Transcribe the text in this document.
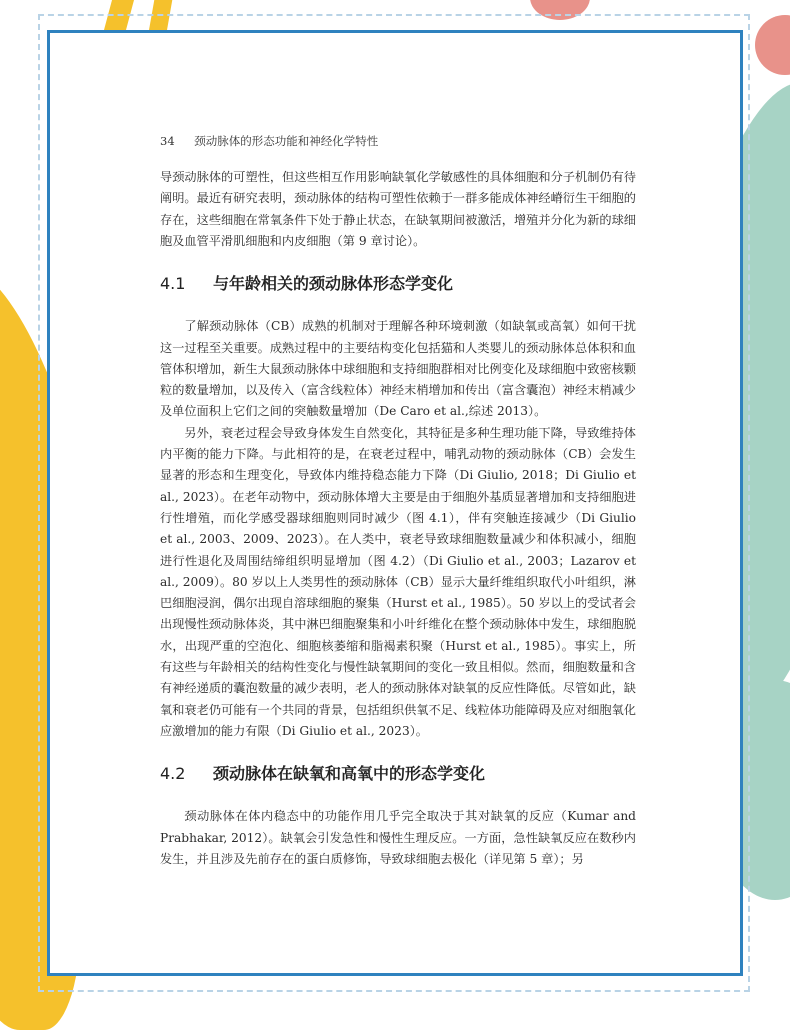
34 颈动脉体的形态功能和神经化学特性

导颈动脉体的可塑性，但这些相互作用影响缺氧化学敏感性的具体细胞和分子机制仍有待阐明。最近有研究表明，颈动脉体的结构可塑性依赖于一群多能成体神经嵴衍生干细胞的存在，这些细胞在常氧条件下处于静止状态，在缺氧期间被激活，增殖并分化为新的球细胞及血管平滑肌细胞和内皮细胞（第 9 章讨论）。

4.1 与年龄相关的颈动脉体形态学变化

了解颈动脉体（CB）成熟的机制对于理解各种环境刺激（如缺氧或高氧）如何干扰这一过程至关重要。成熟过程中的主要结构变化包括猫和人类婴儿的颈动脉体总体积和血管体积增加，新生大鼠颈动脉体中球细胞和支持细胞群相对比例变化及球细胞中致密核颗粒的数量增加，以及传入（富含线粒体）神经末梢增加和传出（富含囊泡）神经末梢减少及单位面积上它们之间的突触数量增加（De Caro et al.,综述 2013）。

另外，衰老过程会导致身体发生自然变化，其特征是多种生理功能下降，导致维持体内平衡的能力下降。与此相符的是，在衰老过程中，哺乳动物的颈动脉体（CB）会发生显著的形态和生理变化，导致体内维持稳态能力下降（Di Giulio, 2018；Di Giulio et al., 2023）。在老年动物中，颈动脉体增大主要是由于细胞外基质显著增加和支持细胞进行性增殖，而化学感受器球细胞则同时减少（图 4.1），伴有突触连接减少（Di Giulio et al., 2003、2009、2023）。在人类中，衰老导致球细胞数量减少和体积减小，细胞进行性退化及周围结缔组织明显增加（图 4.2）（Di Giulio et al., 2003；Lazarov et al., 2009）。80 岁以上人类男性的颈动脉体（CB）显示大量纤维组织取代小叶组织，淋巴细胞浸润，偶尔出现自溶球细胞的聚集（Hurst et al., 1985）。50 岁以上的受试者会出现慢性颈动脉体炎，其中淋巴细胞聚集和小叶纤维化在整个颈动脉体中发生，球细胞脱水，出现严重的空泡化、细胞核萎缩和脂褐素积聚（Hurst et al., 1985）。事实上，所有这些与年龄相关的结构性变化与慢性缺氧期间的变化一致且相似。然而，细胞数量和含有神经递质的囊泡数量的减少表明，老人的颈动脉体对缺氧的反应性降低。尽管如此，缺氧和衰老仍可能有一个共同的背景，包括组织供氧不足、线粒体功能障碍及应对细胞氧化应激增加的能力有限（Di Giulio et al., 2023）。

4.2 颈动脉体在缺氧和高氧中的形态学变化

颈动脉体在体内稳态中的功能作用几乎完全取决于其对缺氧的反应（Kumar and Prabhakar, 2012）。缺氧会引发急性和慢性生理反应。一方面，急性缺氧反应在数秒内发生，并且涉及先前存在的蛋白质修饰，导致球细胞去极化（详见第 5 章）；另
